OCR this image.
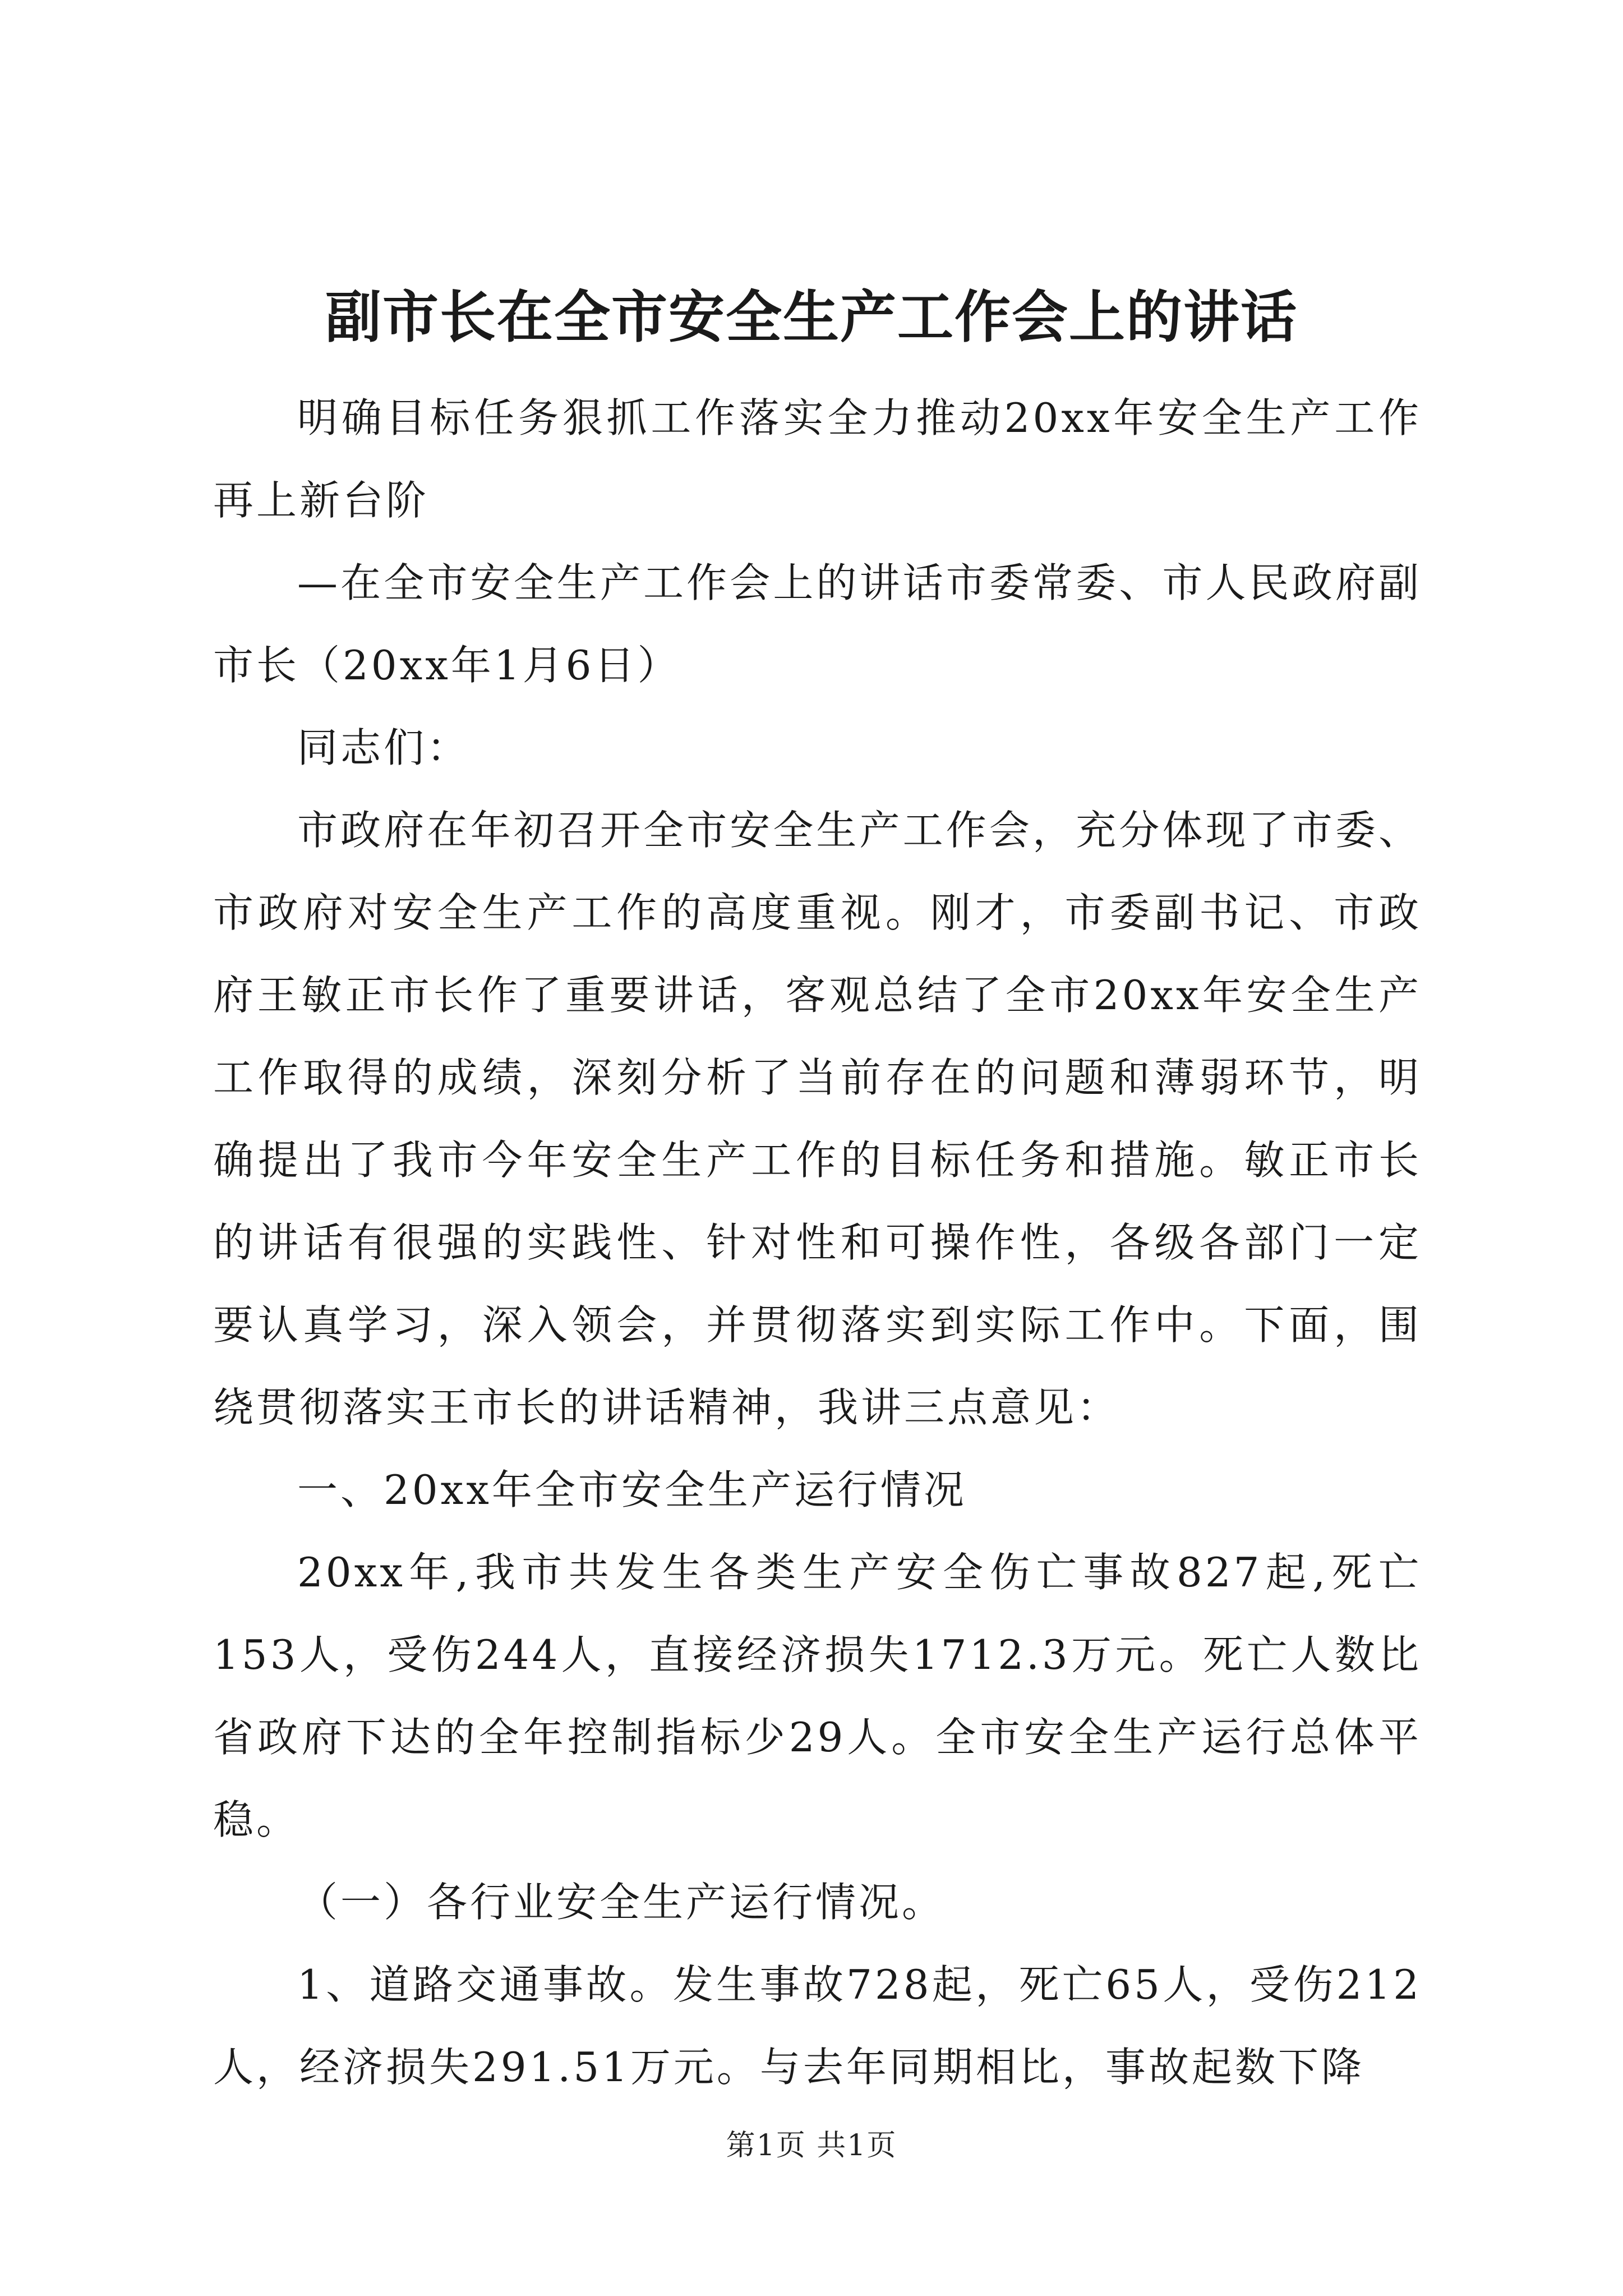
副市长在全市安全生产工作会上的讲话

明确目标任务狠抓工作落实全力推动20xx年安全生产工作再上新台阶

—在全市安全生产工作会上的讲话市委常委、市人民政府副市长（20xx年1月6日）

同志们：

市政府在年初召开全市安全生产工作会，充分体现了市委、市政府对安全生产工作的高度重视。刚才，市委副书记、市政府王敏正市长作了重要讲话，客观总结了全市20xx年安全生产工作取得的成绩，深刻分析了当前存在的问题和薄弱环节，明确提出了我市今年安全生产工作的目标任务和措施。敏正市长的讲话有很强的实践性、针对性和可操作性，各级各部门一定要认真学习，深入领会，并贯彻落实到实际工作中。下面，围绕贯彻落实王市长的讲话精神，我讲三点意见：

一、20xx年全市安全生产运行情况

20xx年,我市共发生各类生产安全伤亡事故827起,死亡153人，受伤244人，直接经济损失1712.3万元。死亡人数比省政府下达的全年控制指标少29人。全市安全生产运行总体平稳。

（一）各行业安全生产运行情况。

1、道路交通事故。发生事故728起，死亡65人，受伤212人，经济损失291.51万元。与去年同期相比，事故起数下降

第1页 共1页
